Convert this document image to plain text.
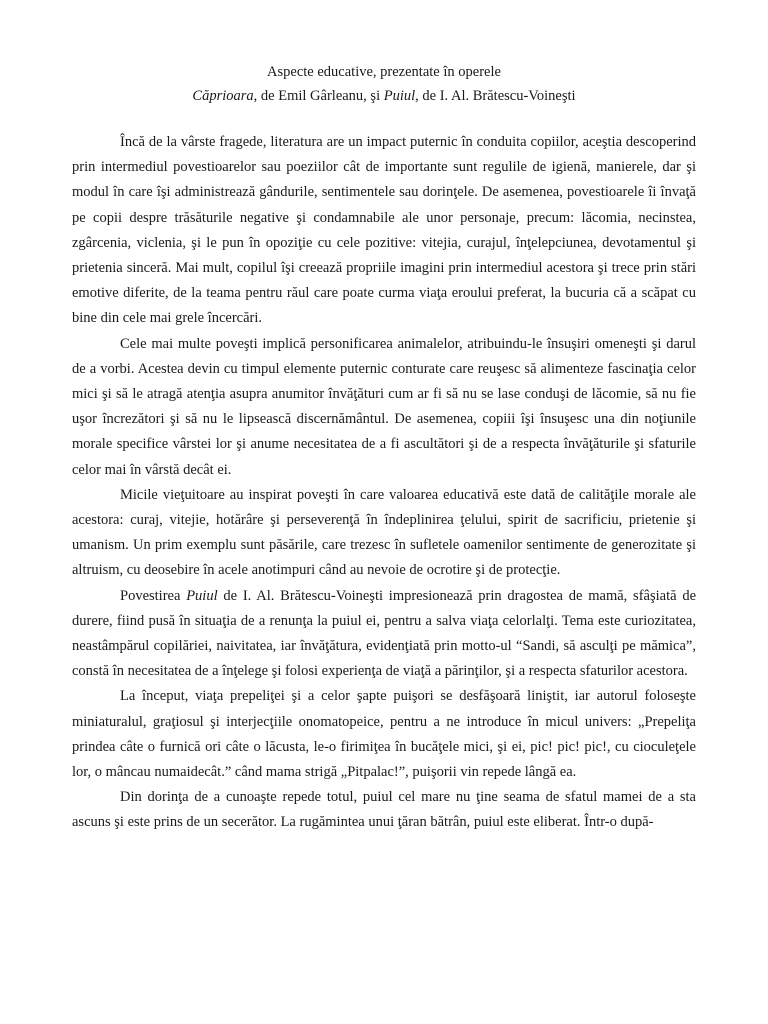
Aspecte educative, prezentate în operele

Căprioara, de Emil Gârleanu, şi Puiul, de I. Al. Brătescu-Voineşti

Încă de la vârste fragede, literatura are un impact puternic în conduita copiilor, aceştia descoperind prin intermediul povestioarelor sau poeziilor cât de importante sunt regulile de igienă, manierele, dar şi modul în care îşi administrează gândurile, sentimentele sau dorinţele. De asemenea, povestioarele îi învaţă pe copii despre trăsăturile negative şi condamnabile ale unor personaje, precum: lăcomia, necinstea, zgârcenia, viclenia, şi le pun în opoziţie cu cele pozitive: vitejia, curajul, înţelepciunea, devotamentul şi prietenia sinceră. Mai mult, copilul îşi creează propriile imagini prin intermediul acestora şi trece prin stări emotive diferite, de la teama pentru răul care poate curma viaţa eroului preferat, la bucuria că a scăpat cu bine din cele mai grele încercări.

Cele mai multe poveşti implică personificarea animalelor, atribuindu-le însuşiri omeneşti şi darul de a vorbi. Acestea devin cu timpul elemente puternic conturate care reuşesc să alimenteze fascinaţia celor mici şi să le atragă atenţia asupra anumitor învăţături cum ar fi să nu se lase conduşi de lăcomie, să nu fie uşor încrezători şi să nu le lipsească discernământul. De asemenea, copiii îşi însuşesc una din noţiunile morale specifice vârstei lor şi anume necesitatea de a fi ascultători şi de a respecta învăţăturile şi sfaturile celor mai în vârstă decât ei.

Micile vieţuitoare au inspirat poveşti în care valoarea educativă este dată de calităţile morale ale acestora: curaj, vitejie, hotărâre şi perseverenţă în îndeplinirea ţelului, spirit de sacrificiu, prietenie şi umanism. Un prim exemplu sunt păsările, care trezesc în sufletele oamenilor sentimente de generozitate şi altruism, cu deosebire în acele anotimpuri când au nevoie de ocrotire şi de protecţie.

Povestirea Puiul de I. Al. Brătescu-Voineşti impresionează prin dragostea de mamă, sfâşiată de durere, fiind pusă în situaţia de a renunţa la puiul ei, pentru a salva viaţa celorlalţi. Tema este curiozitatea, neastâmpărul copilăriei, naivitatea, iar învăţătura, evidenţiată prin motto-ul “Sandi, să asculţi pe mămica”, constă în necesitatea de a înţelege şi folosi experienţa de viaţă a părinţilor, şi a respecta sfaturilor acestora.

La început, viaţa prepeliţei şi a celor şapte puişori se desfăşoară liniştit, iar autorul foloseşte miniaturalul, graţiosul şi interjecţiile onomatopeice, pentru a ne introduce în micul univers: „Prepeliţa prindea câte o furnică ori câte o lăcusta, le-o firimiţea în bucăţele mici, şi ei, pic! pic! pic!, cu cioculeţele lor, o mâncau numaidecât.” când mama strigă „Pitpalac!”, puişorii vin repede lângă ea.

Din dorinţa de a cunoaşte repede totul, puiul cel mare nu ţine seama de sfatul mamei de a sta ascuns şi este prins de un secerător. La rugămintea unui ţăran bătrân, puiul este eliberat. Într-o după-
